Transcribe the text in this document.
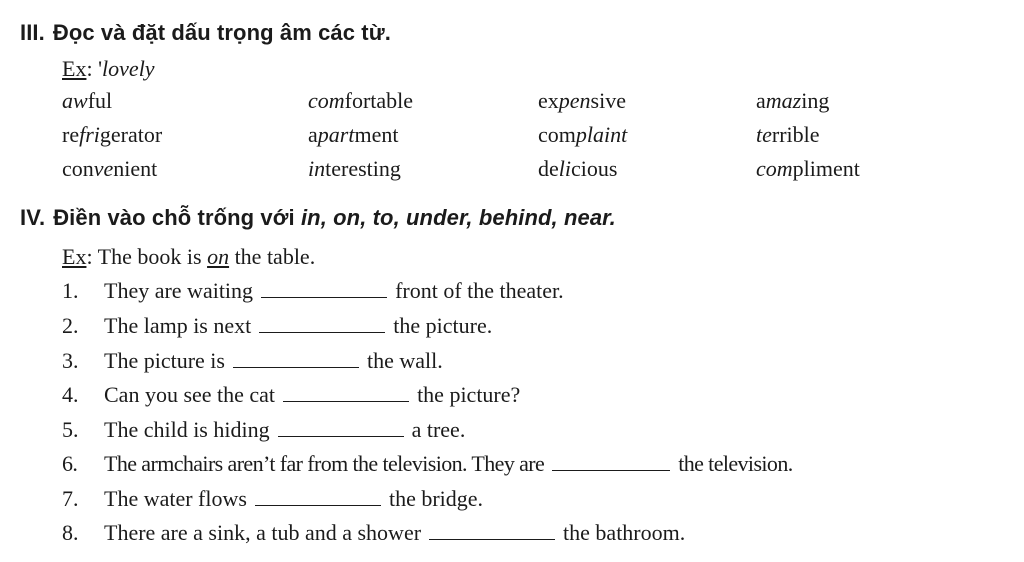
III. Đọc và đặt dấu trọng âm các từ.
Ex: 'lovely
awful	comfortable	expensive	amazing
refrigerator	apartment	complaint	terrible
convenient	interesting	delicious	compliment
IV. Điền vào chỗ trống với in, on, to, under, behind, near.
Ex: The book is on the table.
1. They are waiting	front of the theater.
2. The lamp is next	the picture.
3. The picture is	the wall.
4. Can you see the cat	the picture?
5. The child is hiding	a tree.
6. The armchairs aren’t far from the television. They are	the television.
7. The water flows	the bridge.
8. There are a sink, a tub and a shower	the bathroom.
